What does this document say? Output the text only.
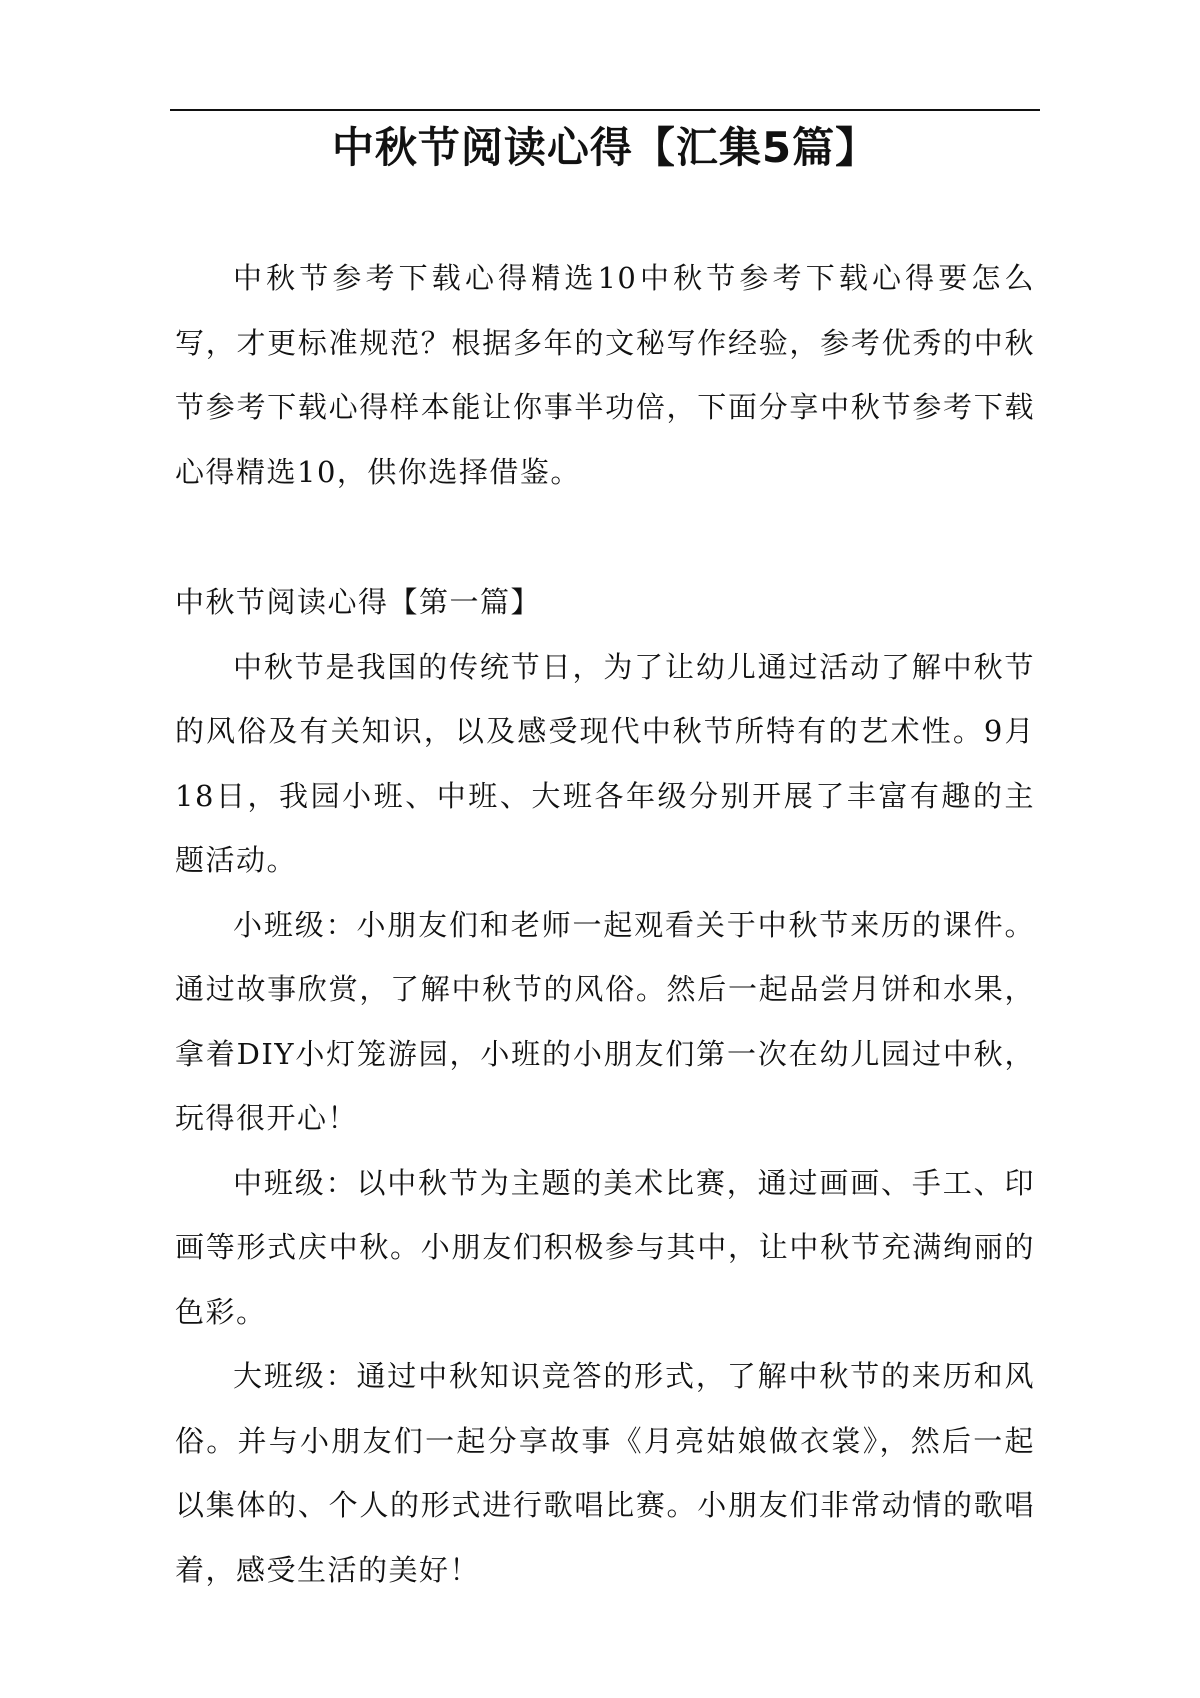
中秋节阅读心得【汇集5篇】

中秋节参考下载心得精选10中秋节参考下载心得要怎么写，才更标准规范？根据多年的文秘写作经验，参考优秀的中秋节参考下载心得样本能让你事半功倍，下面分享中秋节参考下载心得精选10，供你选择借鉴。

中秋节阅读心得【第一篇】

中秋节是我国的传统节日，为了让幼儿通过活动了解中秋节的风俗及有关知识，以及感受现代中秋节所特有的艺术性。9月18日，我园小班、中班、大班各年级分别开展了丰富有趣的主题活动。

小班级：小朋友们和老师一起观看关于中秋节来历的课件。通过故事欣赏，了解中秋节的风俗。然后一起品尝月饼和水果，拿着DIY小灯笼游园，小班的小朋友们第一次在幼儿园过中秋，玩得很开心！

中班级：以中秋节为主题的美术比赛，通过画画、手工、印画等形式庆中秋。小朋友们积极参与其中，让中秋节充满绚丽的色彩。

大班级：通过中秋知识竞答的形式，了解中秋节的来历和风俗。并与小朋友们一起分享故事《月亮姑娘做衣裳》，然后一起以集体的、个人的形式进行歌唱比赛。小朋友们非常动情的歌唱着，感受生活的美好！
